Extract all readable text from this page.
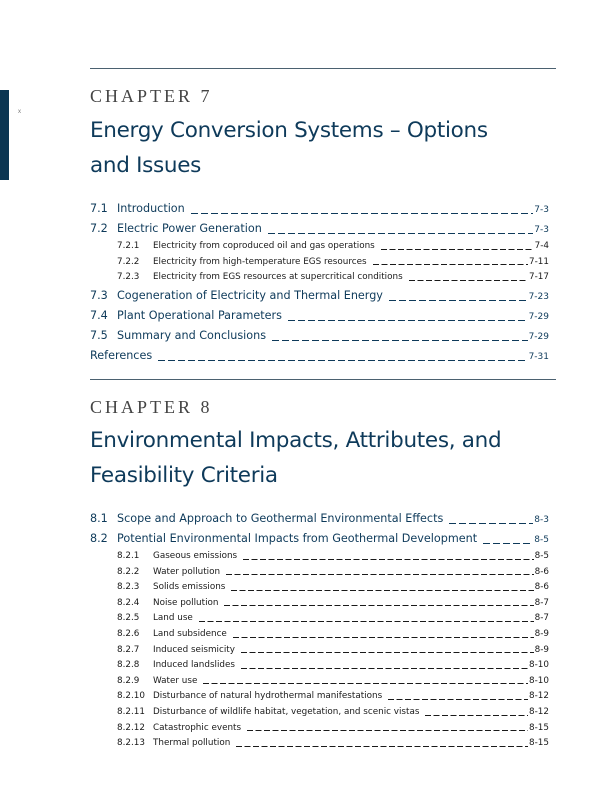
x
CHAPTER 7
Energy Conversion Systems – Options
and Issues
7.1 Introduction	7-3
7.2 Electric Power Generation	7-3
7.2.1	Electricity from coproduced oil and gas operations	7-4
7.2.2	Electricity from high-temperature EGS resources	7-11
7.2.3	Electricity from EGS resources at supercritical conditions	7-17
7.3 Cogeneration of Electricity and Thermal Energy	7-23
7.4 Plant Operational Parameters	7-29
7.5 Summary and Conclusions	7-29
References	7-31
CHAPTER 8
Environmental Impacts, Attributes, and
Feasibility Criteria
8.1 Scope and Approach to Geothermal Environmental Effects	8-3
8.2 Potential Environmental Impacts from Geothermal Development	8-5
8.2.1	Gaseous emissions	8-5
8.2.2	Water pollution	8-6
8.2.3	Solids emissions	8-6
8.2.4	Noise pollution	8-7
8.2.5	Land use	8-7
8.2.6	Land subsidence	8-9
8.2.7	Induced seismicity	8-9
8.2.8	Induced landslides	8-10
8.2.9	Water use	8-10
8.2.10 Disturbance of natural hydrothermal manifestations	8-12
8.2.11 Disturbance of wildlife habitat, vegetation, and scenic vistas	8-12
8.2.12 Catastrophic events	8-15
8.2.13 Thermal pollution	8-15
